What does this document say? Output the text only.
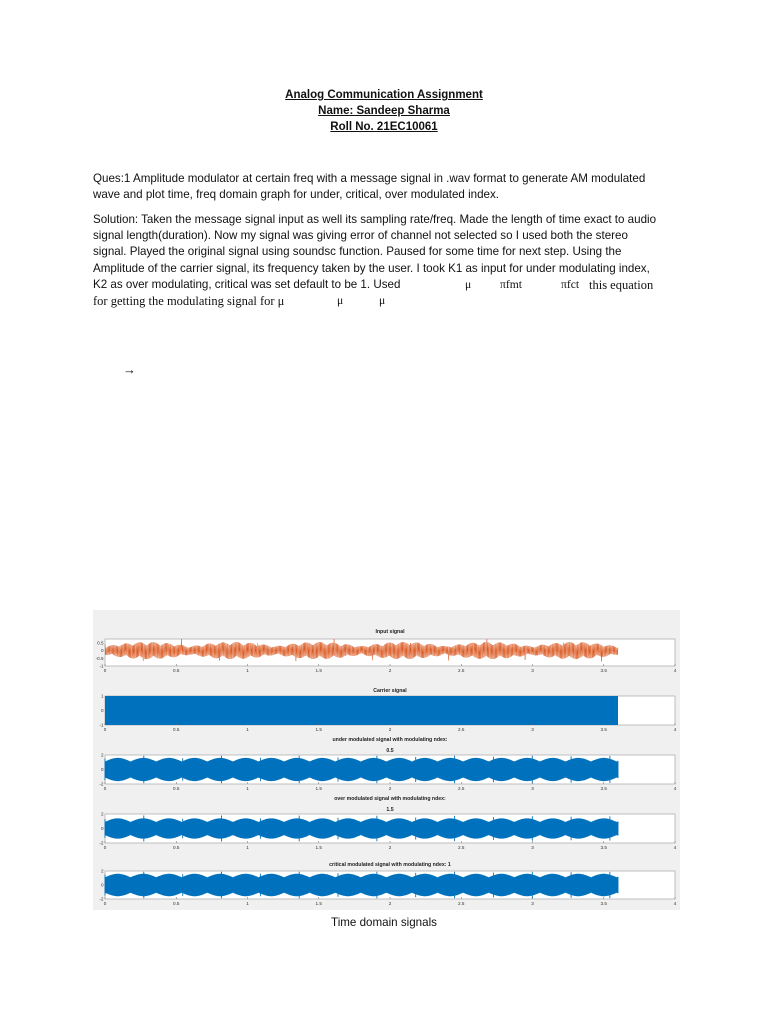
Analog Communication Assignment
Name: Sandeep Sharma
Roll No. 21EC10061
Ques:1 Amplitude modulator at certain freq with a message signal in .wav format to generate AM modulated
wave and plot time, freq domain graph for under, critical, over modulated index.
Solution: Taken the message signal input as well its sampling rate/freq. Made the length of time exact to audio
signal length(duration). Now my signal was giving error of channel not selected so I used both the stereo
signal. Played the original signal using soundsc function. Paused for some time for next step. Using the
Amplitude of the carrier signal, its frequency taken by the user. I took K1 as input for under modulating index,
K2 as over modulating, critical was set default to be 1. Used	μ πfmt	πfct this equation
for getting the modulating signal for μ	μ	μ
→
Input signal
0	0.5	1	1.5	2	2.5	3	3.5	4
0.5
0
-0.5
-1
Carrier signal
0	0.5	1	1.5	2	2.5	3	3.5	4
1
0
-1
under modulated signal with modulating ndex:
0.5
0	0.5	1	1.5	2	2.5	3	3.5	4
2
0
-2
over modulated signal with modulating ndex:
1.5
0	0.5	1	1.5	2	2.5	3	3.5	4
2
0
-2
critical modulated signal with modulating ndex: 1
0	0.5	1	1.5	2	2.5	3	3.5	4
2
0
-2
Time domain signals
